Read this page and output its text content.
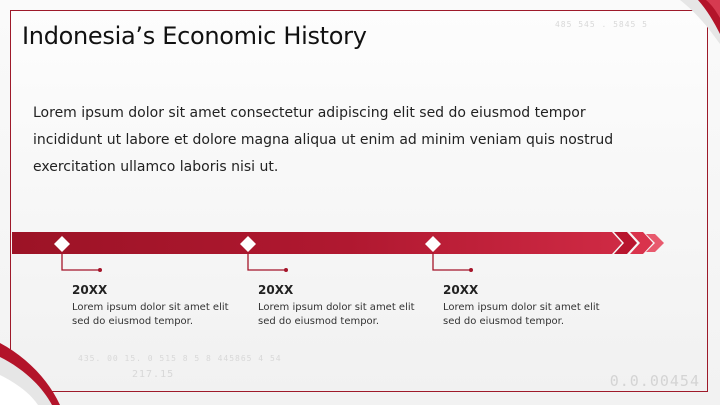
Indonesia’s Economic History	485 545 . 5845 5
435. 00 15. 0 515 8 5 8 445865 4 54
217.15	0.0.00454
Lorem ipsum dolor sit amet consectetur adipiscing elit sed do eiusmod tempor incididunt ut labore et dolore magna aliqua ut enim ad minim veniam quis nostrud exercitation ullamco laboris nisi ut.
20XX
Lorem ipsum dolor sit amet elit sed do eiusmod tempor.
20XX
Lorem ipsum dolor sit amet elit sed do eiusmod tempor.
20XX
Lorem ipsum dolor sit amet elit sed do eiusmod tempor.
